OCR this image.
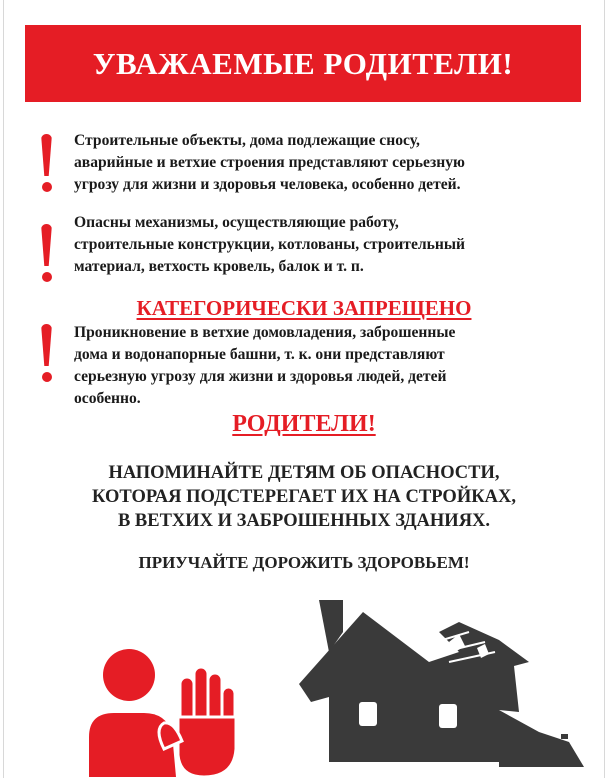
УВАЖАЕМЫЕ РОДИТЕЛИ!
Строительные объекты, дома подлежащие сносу,
аварийные и ветхие строения представляют серьезную
угрозу для жизни и здоровья человека, особенно детей.
Опасны механизмы, осуществляющие работу,
строительные конструкции, котлованы, строительный
материал, ветхость кровель, балок и т. п.
КАТЕГОРИЧЕСКИ ЗАПРЕЩЕНО
Проникновение в ветхие домовладения, заброшенные
дома и водонапорные башни, т. к. они представляют
серьезную угрозу для жизни и здоровья людей, детей
особенно.
РОДИТЕЛИ!
НАПОМИНАЙТЕ ДЕТЯМ ОБ ОПАСНОСТИ,
КОТОРАЯ ПОДСТЕРЕГАЕТ ИХ НА СТРОЙКАХ,
В ВЕТХИХ И ЗАБРОШЕННЫХ ЗДАНИЯХ.
ПРИУЧАЙТЕ ДОРОЖИТЬ ЗДОРОВЬЕМ!
